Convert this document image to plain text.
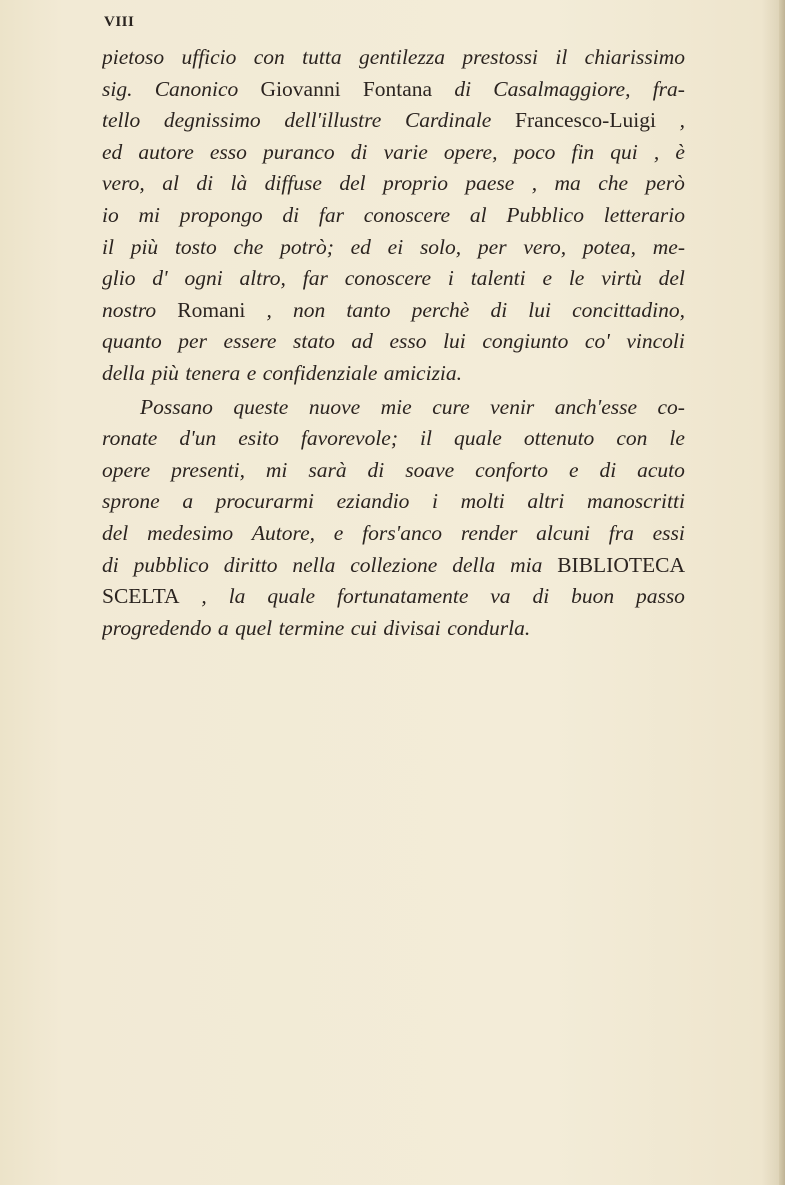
VIII

pietoso ufficio con tutta gentilezza prestossi il chiarissimo
sig. Canonico Giovanni Fontana di Casalmaggiore, fra-
tello degnissimo dell'illustre Cardinale Francesco-Luigi ,
ed autore esso puranco di varie opere, poco fin qui , è
vero, al di là diffuse del proprio paese , ma che però
io mi propongo di far conoscere al Pubblico letterario
il più tosto che potrò; ed ei solo, per vero, potea, me-
glio d' ogni altro, far conoscere i talenti e le virtù del
nostro Romani , non tanto perchè di lui concittadino,
quanto per essere stato ad esso lui congiunto co' vincoli
della più tenera e confidenziale amicizia.
Possano queste nuove mie cure venir anch'esse co-
ronate d'un esito favorevole; il quale ottenuto con le
opere presenti, mi sarà di soave conforto e di acuto
sprone a procurarmi eziandio i molti altri manoscritti
del medesimo Autore, e fors'anco render alcuni fra essi
di pubblico diritto nella collezione della mia BIBLIOTECA
SCELTA , la quale fortunatamente va di buon passo
progredendo a quel termine cui divisai condurla.
